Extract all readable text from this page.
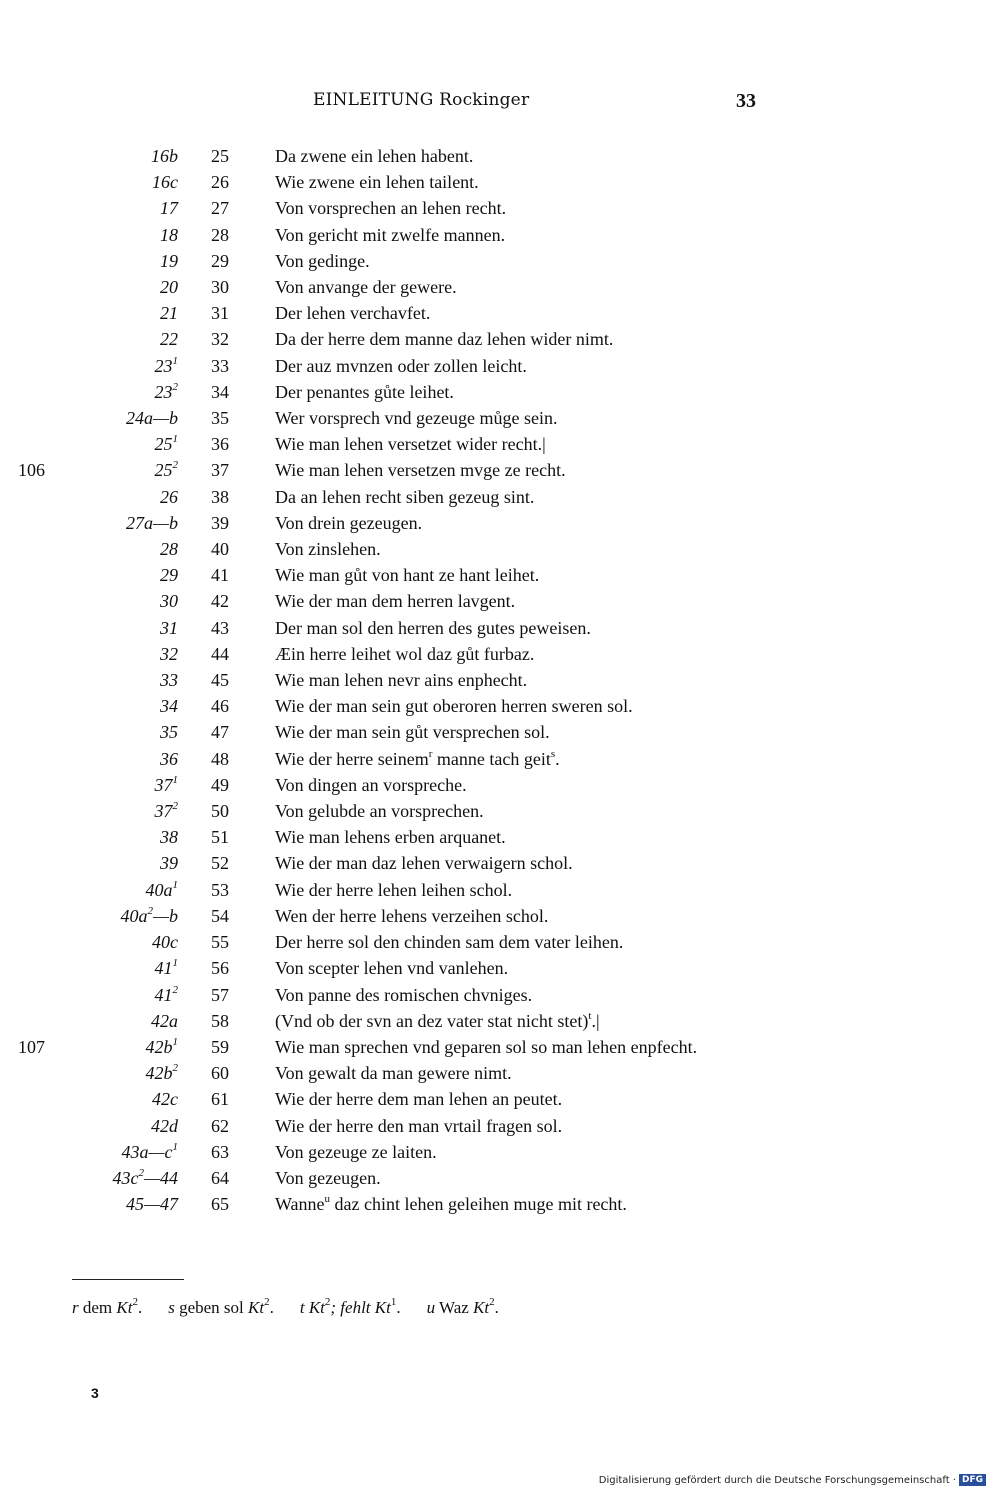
EINLEITUNG Rockinger	33
16b 25	Da zwene ein lehen habent.
16c 26	Wie zwene ein lehen tailent.
17 27	Von vorsprechen an lehen recht.
18 28	Von gericht mit zwelfe mannen.
19 29	Von gedinge.
20 30	Von anvange der gewere.
21 31	Der lehen verchavfet.
22 32	Da der herre dem manne daz lehen wider nimt.
$23^1$ 33	Der auz mvnzen oder zollen leicht.
$23^2$ 34	Der penantes gůte leihet.
24a—b 35	Wer vorsprech vnd gezeuge můge sein.
$25^1$ 36	Wie man lehen versetzet wider recht.|
106	$25^2$ 37	Wie man lehen versetzen mvge ze recht.
26 38	Da an lehen recht siben gezeug sint.
27a—b 39	Von drein gezeugen.
28 40	Von zinslehen.
29 41	Wie man gůt von hant ze hant leihet.
30 42	Wie der man dem herren lavgent.
31 43	Der man sol den herren des gutes peweisen.
32 44	Æin herre leihet wol daz gůt furbaz.
33 45	Wie man lehen nevr ains enphecht.
34 46	Wie der man sein gut oberoren herren sweren sol.
35 47	Wie der man sein gůt versprechen sol.
36 48	Wie der herre seinem$^r$ manne tach geit$^s$.
$37^1$ 49	Von dingen an vorspreche.
$37^2$ 50	Von gelubde an vorsprechen.
38 51	Wie man lehens erben arquanet.
39 52	Wie der man daz lehen verwaigern schol.
$40a^1$ 53	Wie der herre lehen leihen schol.
$40a^2—b$ 54	Wen der herre lehens verzeihen schol.
40c 55	Der herre sol den chinden sam dem vater leihen.
$41^1$ 56	Von scepter lehen vnd vanlehen.
$41^2$ 57	Von panne des romischen chvniges.
42a 58	(Vnd ob der svn an dez vater stat nicht stet)$^t$.|
107	$42b^1$ 59	Wie man sprechen vnd geparen sol so man lehen enpfecht.
$42b^2$ 60	Von gewalt da man gewere nimt.
42c 61	Wie der herre dem man lehen an peutet.
42d 62	Wie der herre den man vrtail fragen sol.
$43a—c^1$ 63	Von gezeuge ze laiten.
$43c^2—44$ 64	Von gezeugen.
45—47 65	Wanne$^u$ daz chint lehen geleihen muge mit recht.
r dem Kt$^2$. s geben sol Kt$^2$. t Kt$^2$; fehlt Kt$^1$. u Waz Kt$^2$.
3
Digitalisierung gefördert durch die Deutsche Forschungsgemeinschaft · DFG
